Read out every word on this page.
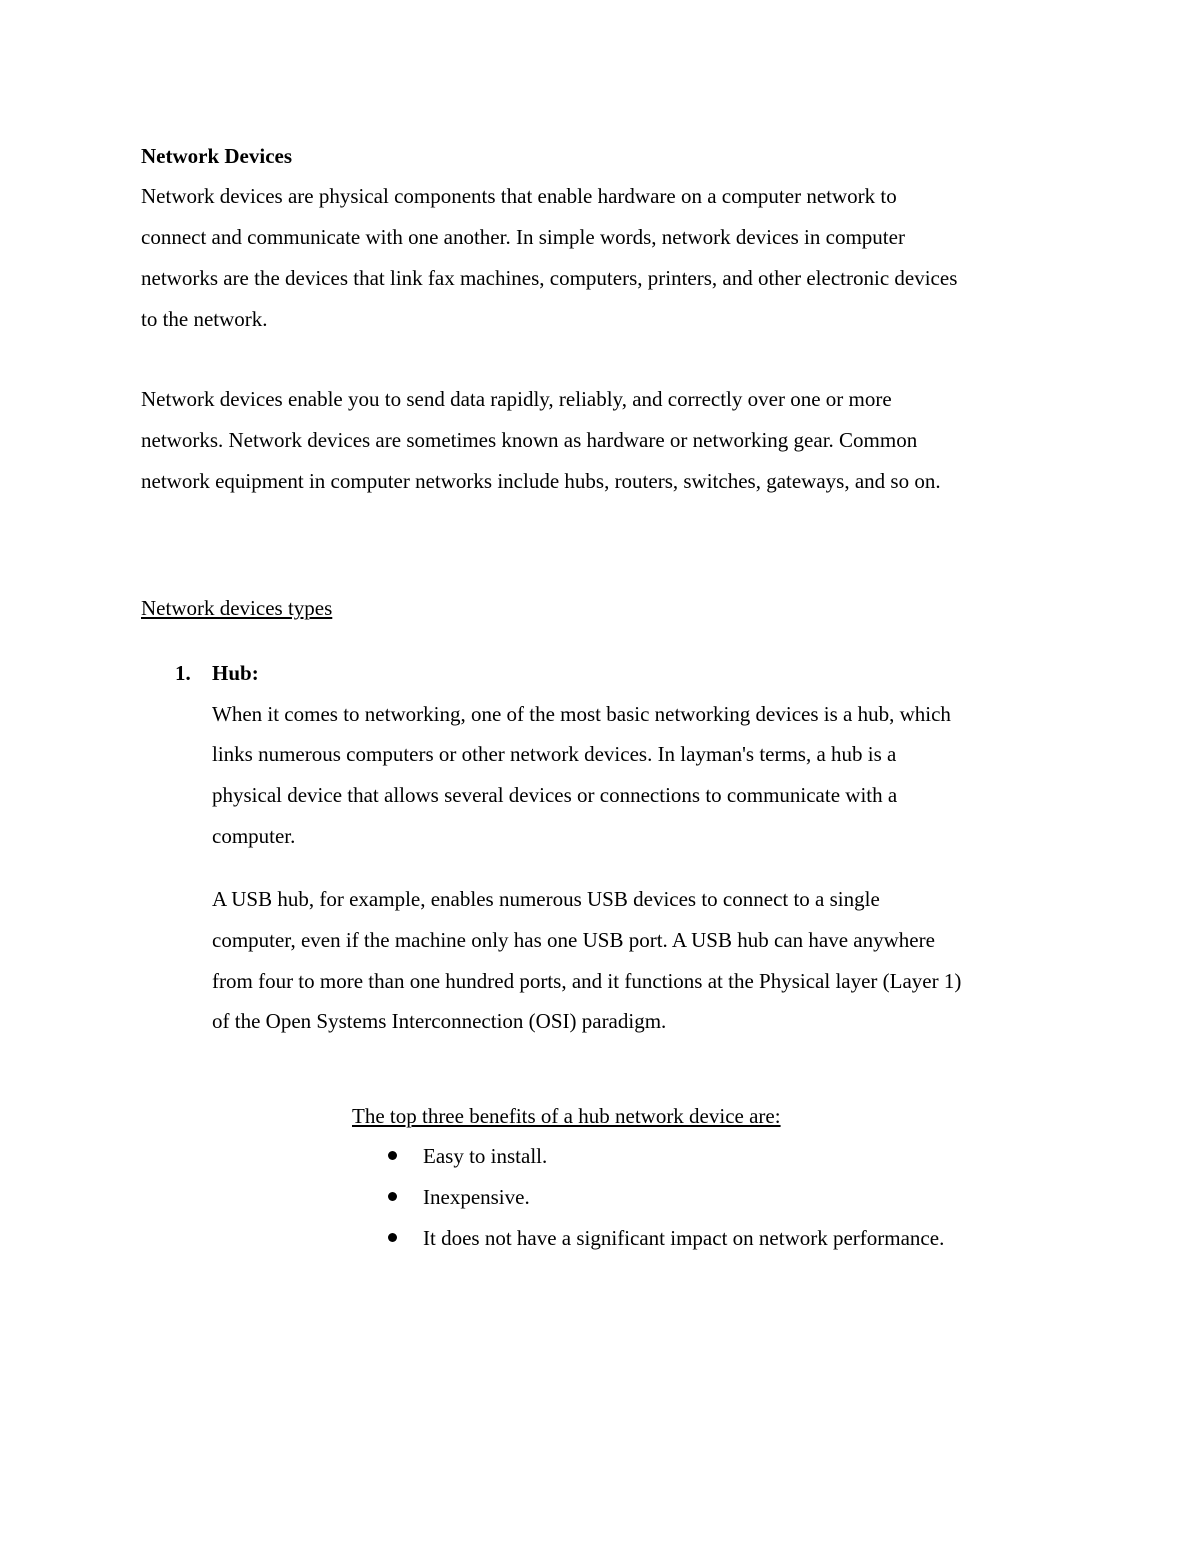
Network Devices

Network devices are physical components that enable hardware on a computer network to

connect and communicate with one another. In simple words, network devices in computer

networks are the devices that link fax machines, computers, printers, and other electronic devices

to the network.

Network devices enable you to send data rapidly, reliably, and correctly over one or more

networks. Network devices are sometimes known as hardware or networking gear. Common

network equipment in computer networks include hubs, routers, switches, gateways, and so on.

Network devices types

1. Hub:

When it comes to networking, one of the most basic networking devices is a hub, which

links numerous computers or other network devices. In layman's terms, a hub is a

physical device that allows several devices or connections to communicate with a

computer.

A USB hub, for example, enables numerous USB devices to connect to a single

computer, even if the machine only has one USB port. A USB hub can have anywhere

from four to more than one hundred ports, and it functions at the Physical layer (Layer 1)

of the Open Systems Interconnection (OSI) paradigm.

The top three benefits of a hub network device are:
Easy to install.
Inexpensive.
It does not have a significant impact on network performance.
